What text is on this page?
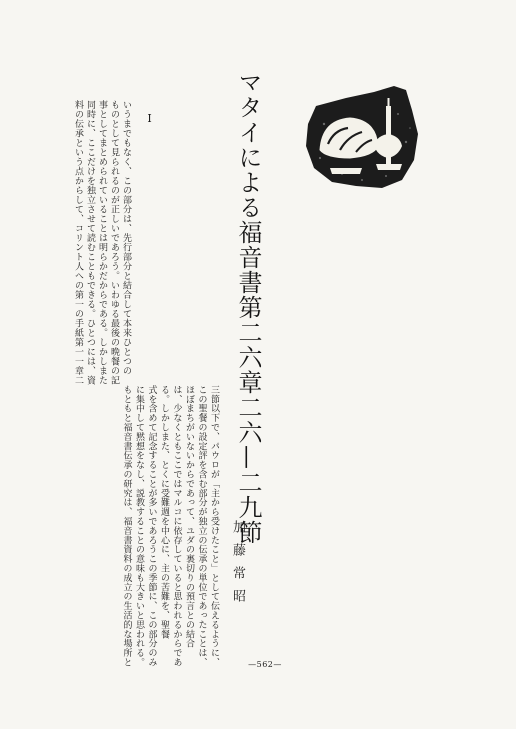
マタイによる福音書第二六章二六—二九節
Ⅰ
いうまでもなく、この部分は、先行部分と結合して本来ひとつの
ものとして見られるのが正しいであろう。いわゆる最後の晩餐の記
事としてまとめられていることは明らかだからである。しかしまた
同時に、ここだけを独立させて読むこともできる。ひとつには、資
料の伝承という点からして、コリント人への第一の手紙第一一章二
三節以下で、パウロが「主から受けたこと」として伝えるように、
この聖餐の設定評を含む部分が独立の伝承の単位であったことは、
ほぼまちがいないからであって、ユダの裏切りの預言との結合
は、少なくともここではマルコに依存していると思われるからであ
る。しかしまた、とくに受難週を中心に、主の苦難を、聖餐
式を含めて記念することが多いであろうこの季節に、この部分のみ
に集中して黙想をなし、説教することの意味も大きいと思われる。
もともと福音書伝承の研究は、福音書資料の成立の生活的な場所と	加藤常昭
—562—
